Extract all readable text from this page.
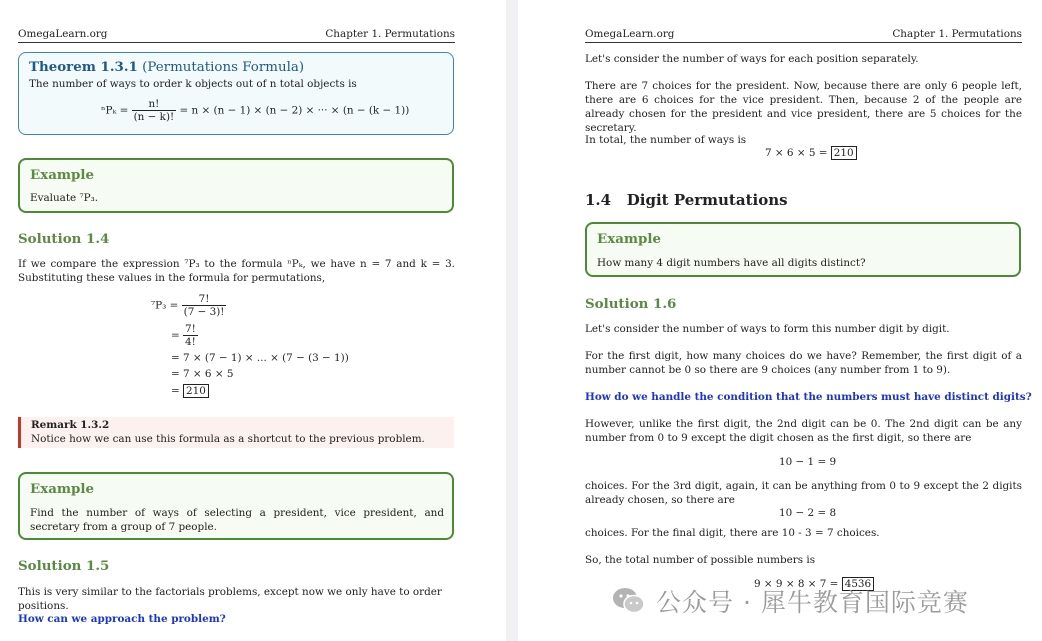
OmegaLearn.org	Chapter 1. Permutations
Theorem 1.3.1 (Permutations Formula)
The number of ways to order k objects out of n total objects is
$^nP_k = \frac{n!}{(n - k)!} = n \times (n - 1) \times (n - 2)$ × ··· × (n − (k − 1))
Example
Evaluate ⁷P₃.
Solution 1.4
If we compare the expression ⁷P₃ to the formula ⁿPₖ, we have n = 7 and k = 3. Substituting these values in the formula for permutations,
$^7P_3 = \frac{7!}{(7 - 3)!}$
= $\frac{7!}{4!}$
= 7 × (7 − 1) × ... × (7 − (3 − 1))
= 7 × 6 × 5
= 210
Remark 1.3.2
Notice how we can use this formula as a shortcut to the previous problem.
Example
Find the number of ways of selecting a president, vice president, and secretary from a group of 7 people.
Solution 1.5
This is very similar to the factorials problems, except now we only have to order positions.
How can we approach the problem?
OmegaLearn.org	Chapter 1. Permutations
Let's consider the number of ways for each position separately.
There are 7 choices for the president. Now, because there are only 6 people left, there are 6 choices for the vice president. Then, because 2 of the people are already chosen for the president and vice president, there are 5 choices for the secretary.
In total, the number of ways is
7 × 6 × 5 = 210
1.4 Digit Permutations
Example
How many 4 digit numbers have all digits distinct?
Solution 1.6
Let's consider the number of ways to form this number digit by digit.
For the first digit, how many choices do we have? Remember, the first digit of a number cannot be 0 so there are 9 choices (any number from 1 to 9).
How do we handle the condition that the numbers must have distinct digits?
However, unlike the first digit, the 2nd digit can be 0. The 2nd digit can be any number from 0 to 9 except the digit chosen as the first digit, so there are
10 − 1 = 9
choices. For the 3rd digit, again, it can be anything from 0 to 9 except the 2 digits already chosen, so there are
10 − 2 = 8
choices. For the final digit, there are 10 - 3 = 7 choices.
So, the total number of possible numbers is
9 × 9 × 8 × 7 = 4536
公众号 · 犀牛教育国际竞赛
